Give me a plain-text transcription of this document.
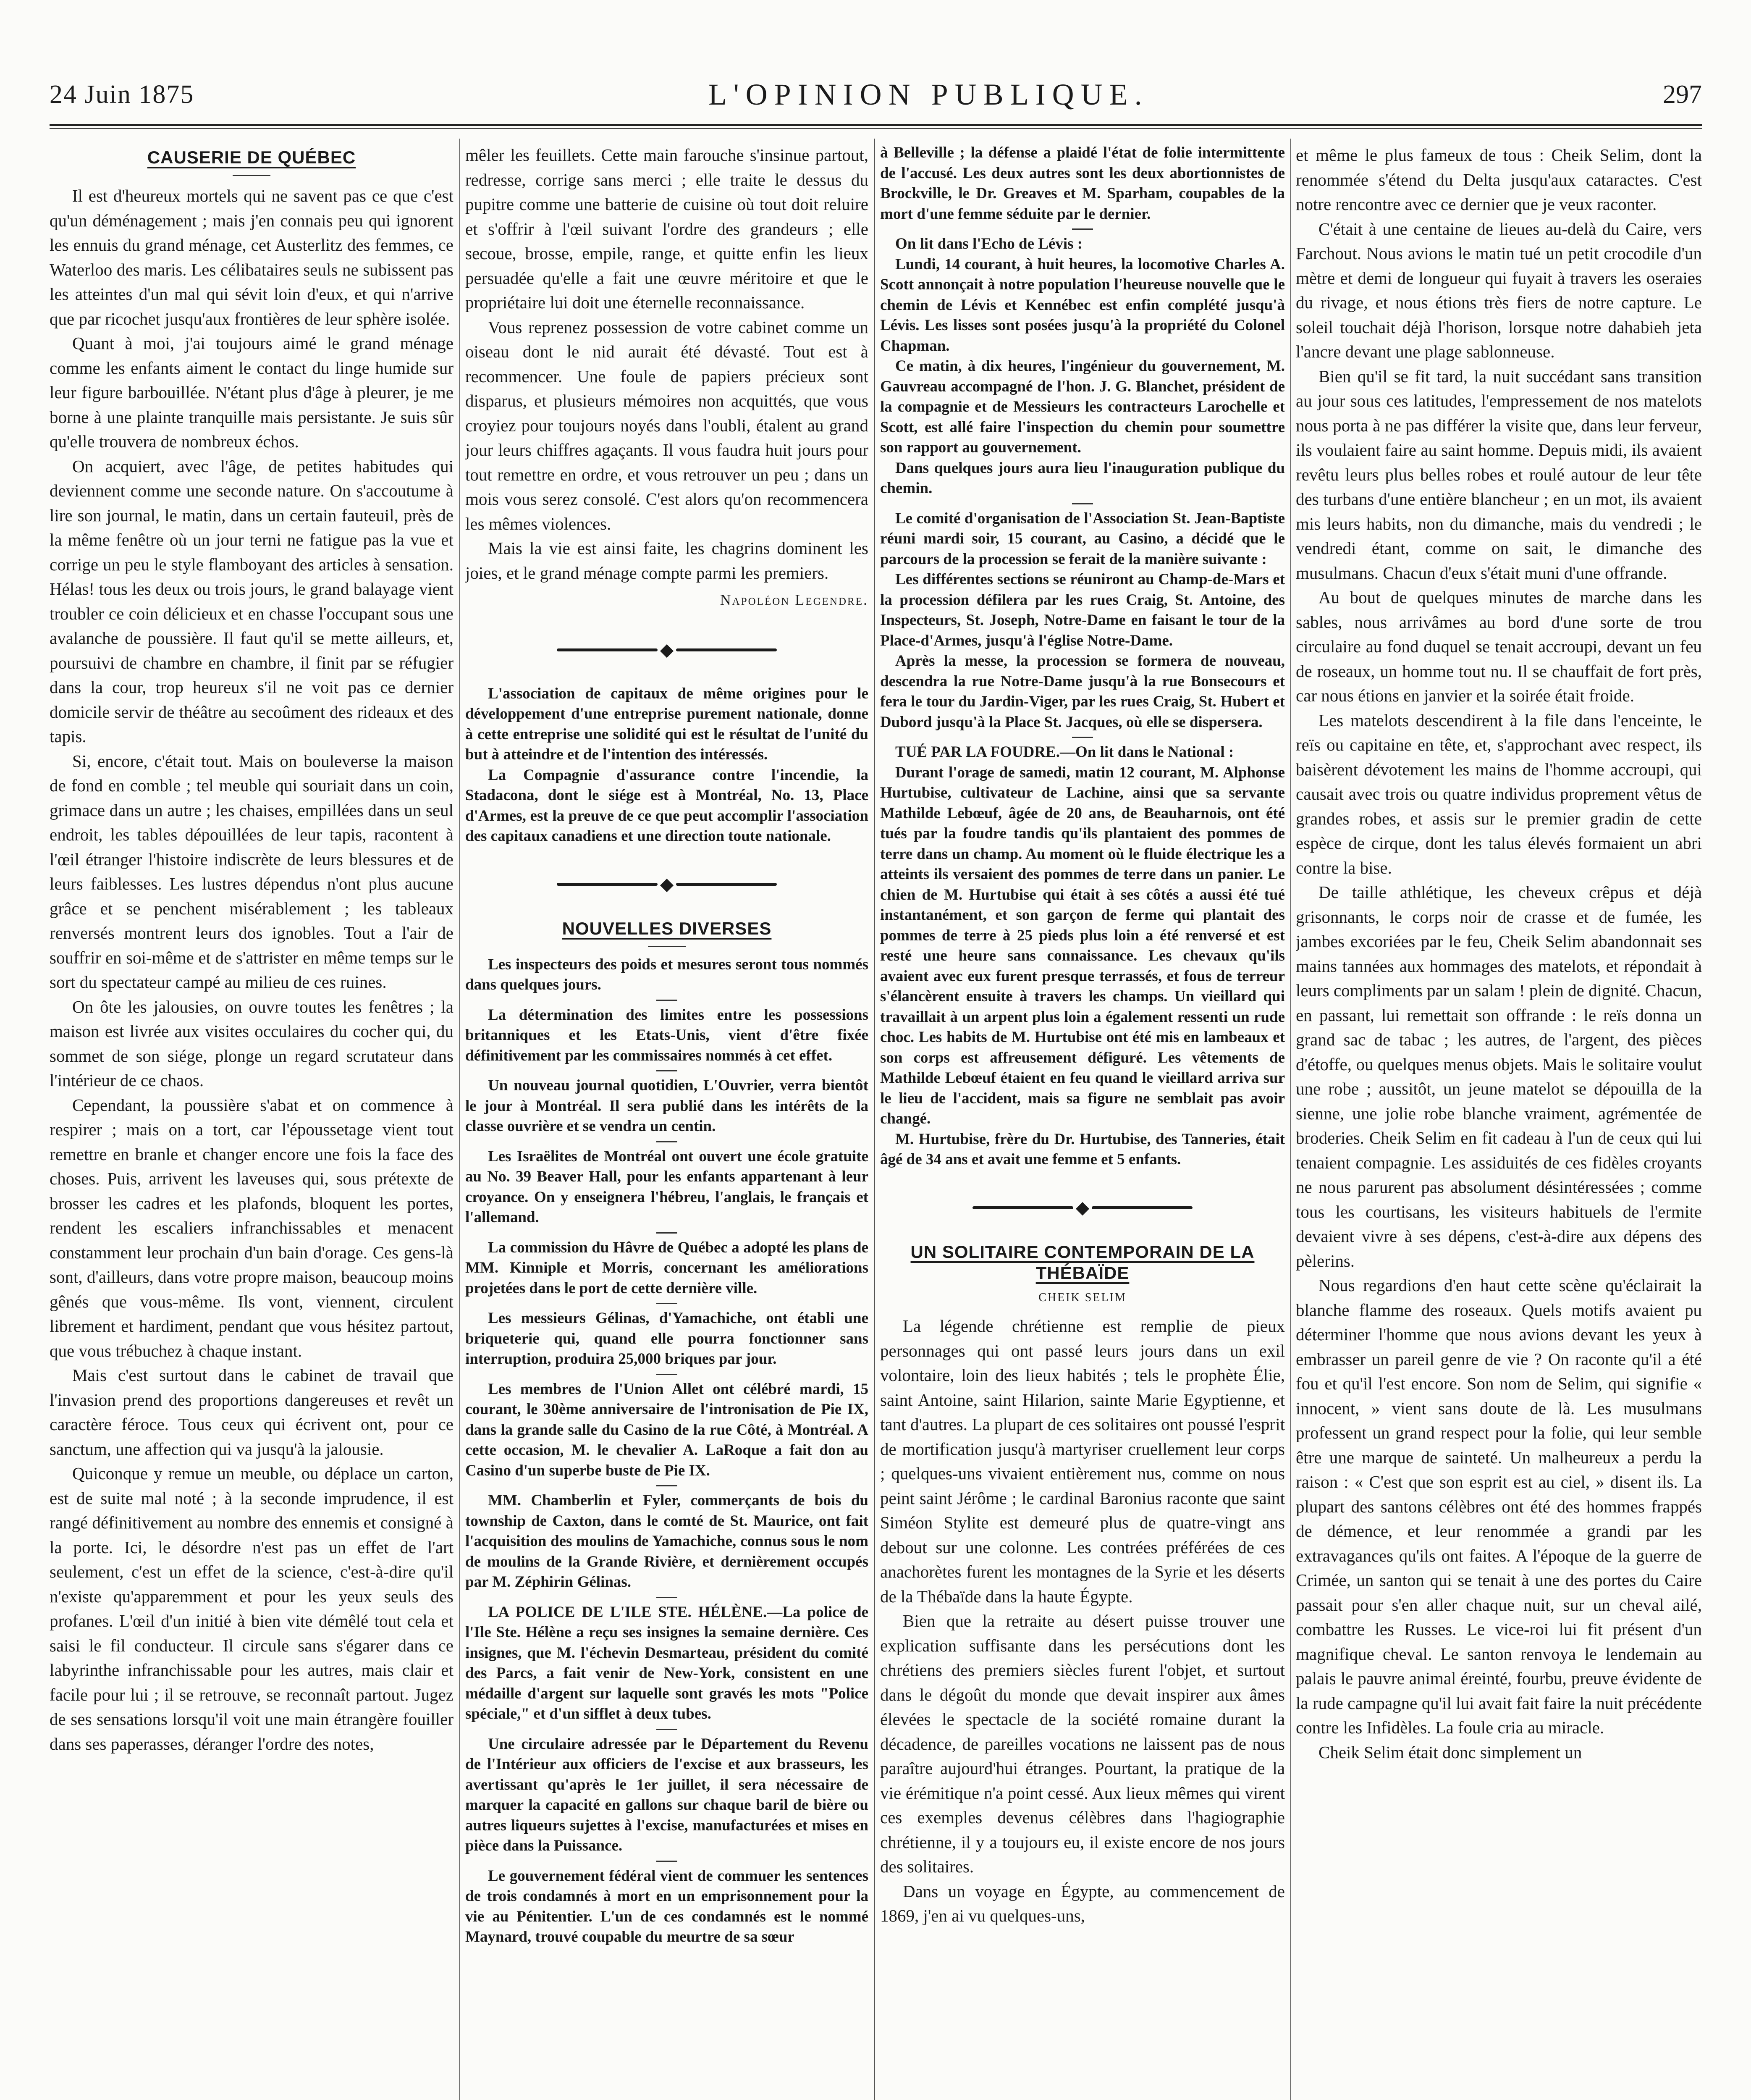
24 Juin 1875	L'OPINION PUBLIQUE.	297
CAUSERIE DE QUÉBEC

Il est d'heureux mortels qui ne savent pas ce que c'est qu'un déménagement ; mais j'en connais peu qui ignorent les ennuis du grand ménage, cet Austerlitz des femmes, ce Waterloo des maris. Les célibataires seuls ne subissent pas les atteintes d'un mal qui sévit loin d'eux, et qui n'arrive que par ricochet jusqu'aux frontières de leur sphère isolée.

Quant à moi, j'ai toujours aimé le grand ménage comme les enfants aiment le contact du linge humide sur leur figure barbouillée. N'étant plus d'âge à pleurer, je me borne à une plainte tranquille mais persistante. Je suis sûr qu'elle trouvera de nombreux échos.

On acquiert, avec l'âge, de petites habitudes qui deviennent comme une seconde nature. On s'accoutume à lire son journal, le matin, dans un certain fauteuil, près de la même fenêtre où un jour terni ne fatigue pas la vue et corrige un peu le style flamboyant des articles à sensation. Hélas! tous les deux ou trois jours, le grand balayage vient troubler ce coin délicieux et en chasse l'occupant sous une avalanche de poussière. Il faut qu'il se mette ailleurs, et, poursuivi de chambre en chambre, il finit par se réfugier dans la cour, trop heureux s'il ne voit pas ce dernier domicile servir de théâtre au secoûment des rideaux et des tapis.

Si, encore, c'était tout. Mais on bouleverse la maison de fond en comble ; tel meuble qui souriait dans un coin, grimace dans un autre ; les chaises, empillées dans un seul endroit, les tables dépouillées de leur tapis, racontent à l'œil étranger l'histoire indiscrète de leurs blessures et de leurs faiblesses. Les lustres dépendus n'ont plus aucune grâce et se penchent misérablement ; les tableaux renversés montrent leurs dos ignobles. Tout a l'air de souffrir en soi-même et de s'attrister en même temps sur le sort du spectateur campé au milieu de ces ruines.

On ôte les jalousies, on ouvre toutes les fenêtres ; la maison est livrée aux visites occulaires du cocher qui, du sommet de son siége, plonge un regard scrutateur dans l'intérieur de ce chaos.

Cependant, la poussière s'abat et on commence à respirer ; mais on a tort, car l'époussetage vient tout remettre en branle et changer encore une fois la face des choses. Puis, arrivent les laveuses qui, sous prétexte de brosser les cadres et les plafonds, bloquent les portes, rendent les escaliers infranchissables et menacent constamment leur prochain d'un bain d'orage. Ces gens-là sont, d'ailleurs, dans votre propre maison, beaucoup moins gênés que vous-même. Ils vont, viennent, circulent librement et hardiment, pendant que vous hésitez partout, que vous trébuchez à chaque instant.

Mais c'est surtout dans le cabinet de travail que l'invasion prend des proportions dangereuses et revêt un caractère féroce. Tous ceux qui écrivent ont, pour ce sanctum, une affection qui va jusqu'à la jalousie.

Quiconque y remue un meuble, ou déplace un carton, est de suite mal noté ; à la seconde imprudence, il est rangé définitivement au nombre des ennemis et consigné à la porte. Ici, le désordre n'est pas un effet de l'art seulement, c'est un effet de la science, c'est-à-dire qu'il n'existe qu'apparemment et pour les yeux seuls des profanes. L'œil d'un initié à bien vite démêlé tout cela et saisi le fil conducteur. Il circule sans s'égarer dans ce labyrinthe infranchissable pour les autres, mais clair et facile pour lui ; il se retrouve, se reconnaît partout. Jugez de ses sensations lorsqu'il voit une main étrangère fouiller dans ses paperasses, déranger l'ordre des notes,

mêler les feuillets. Cette main farouche s'insinue partout, redresse, corrige sans merci ; elle traite le dessus du pupitre comme une batterie de cuisine où tout doit reluire et s'offrir à l'œil suivant l'ordre des grandeurs ; elle secoue, brosse, empile, range, et quitte enfin les lieux persuadée qu'elle a fait une œuvre méritoire et que le propriétaire lui doit une éternelle reconnaissance.

Vous reprenez possession de votre cabinet comme un oiseau dont le nid aurait été dévasté. Tout est à recommencer. Une foule de papiers précieux sont disparus, et plusieurs mémoires non acquittés, que vous croyiez pour toujours noyés dans l'oubli, étalent au grand jour leurs chiffres agaçants. Il vous faudra huit jours pour tout remettre en ordre, et vous retrouver un peu ; dans un mois vous serez consolé. C'est alors qu'on recommencera les mêmes violences.

Mais la vie est ainsi faite, les chagrins dominent les joies, et le grand ménage compte parmi les premiers.

Napoléon Legendre.
◆

L'association de capitaux de même origines pour le développement d'une entreprise purement nationale, donne à cette entreprise une solidité qui est le résultat de l'unité du but à atteindre et de l'intention des intéressés.

La Compagnie d'assurance contre l'incendie, la Stadacona, dont le siége est à Montréal, No. 13, Place d'Armes, est la preuve de ce que peut accomplir l'association des capitaux canadiens et une direction toute nationale.

◆
NOUVELLES DIVERSES

Les inspecteurs des poids et mesures seront tous nommés dans quelques jours.

La détermination des limites entre les possessions britanniques et les Etats-Unis, vient d'être fixée définitivement par les commissaires nommés à cet effet.

Un nouveau journal quotidien, L'Ouvrier, verra bientôt le jour à Montréal. Il sera publié dans les intérêts de la classe ouvrière et se vendra un centin.

Les Israëlites de Montréal ont ouvert une école gratuite au No. 39 Beaver Hall, pour les enfants appartenant à leur croyance. On y enseignera l'hébreu, l'anglais, le français et l'allemand.

La commission du Hâvre de Québec a adopté les plans de MM. Kinniple et Morris, concernant les améliorations projetées dans le port de cette dernière ville.

Les messieurs Gélinas, d'Yamachiche, ont établi une briqueterie qui, quand elle pourra fonctionner sans interruption, produira 25,000 briques par jour.

Les membres de l'Union Allet ont célébré mardi, 15 courant, le 30ème anniversaire de l'intronisation de Pie IX, dans la grande salle du Casino de la rue Côté, à Montréal. A cette occasion, M. le chevalier A. LaRoque a fait don au Casino d'un superbe buste de Pie IX.

MM. Chamberlin et Fyler, commerçants de bois du township de Caxton, dans le comté de St. Maurice, ont fait l'acquisition des moulins de Yamachiche, connus sous le nom de moulins de la Grande Rivière, et dernièrement occupés par M. Zéphirin Gélinas.

LA POLICE DE L'ILE STE. HÉLÈNE.—La police de l'Ile Ste. Hélène a reçu ses insignes la semaine dernière. Ces insignes, que M. l'échevin Desmarteau, président du comité des Parcs, a fait venir de New-York, consistent en une médaille d'argent sur laquelle sont gravés les mots "Police spéciale," et d'un sifflet à deux tubes.

Une circulaire adressée par le Département du Revenu de l'Intérieur aux officiers de l'excise et aux brasseurs, les avertissant qu'après le 1er juillet, il sera nécessaire de marquer la capacité en gallons sur chaque baril de bière ou autres liqueurs sujettes à l'excise, manufacturées et mises en pièce dans la Puissance.

Le gouvernement fédéral vient de commuer les sentences de trois condamnés à mort en un emprisonnement pour la vie au Pénitentier. L'un de ces condamnés est le nommé Maynard, trouvé coupable du meurtre de sa sœur

à Belleville ; la défense a plaidé l'état de folie intermittente de l'accusé. Les deux autres sont les deux abortionnistes de Brockville, le Dr. Greaves et M. Sparham, coupables de la mort d'une femme séduite par le dernier.

On lit dans l'Echo de Lévis :

Lundi, 14 courant, à huit heures, la locomotive Charles A. Scott annonçait à notre population l'heureuse nouvelle que le chemin de Lévis et Kennébec est enfin complété jusqu'à Lévis. Les lisses sont posées jusqu'à la propriété du Colonel Chapman.

Ce matin, à dix heures, l'ingénieur du gouvernement, M. Gauvreau accompagné de l'hon. J. G. Blanchet, président de la compagnie et de Messieurs les contracteurs Larochelle et Scott, est allé faire l'inspection du chemin pour soumettre son rapport au gouvernement.

Dans quelques jours aura lieu l'inauguration publique du chemin.

Le comité d'organisation de l'Association St. Jean-Baptiste réuni mardi soir, 15 courant, au Casino, a décidé que le parcours de la procession se ferait de la manière suivante :

Les différentes sections se réuniront au Champ-de-Mars et la procession défilera par les rues Craig, St. Antoine, des Inspecteurs, St. Joseph, Notre-Dame en faisant le tour de la Place-d'Armes, jusqu'à l'église Notre-Dame.

Après la messe, la procession se formera de nouveau, descendra la rue Notre-Dame jusqu'à la rue Bonsecours et fera le tour du Jardin-Viger, par les rues Craig, St. Hubert et Dubord jusqu'à la Place St. Jacques, où elle se dispersera.

TUÉ PAR LA FOUDRE.—On lit dans le National :

Durant l'orage de samedi, matin 12 courant, M. Alphonse Hurtubise, cultivateur de Lachine, ainsi que sa servante Mathilde Lebœuf, âgée de 20 ans, de Beauharnois, ont été tués par la foudre tandis qu'ils plantaient des pommes de terre dans un champ. Au moment où le fluide électrique les a atteints ils versaient des pommes de terre dans un panier. Le chien de M. Hurtubise qui était à ses côtés a aussi été tué instantanément, et son garçon de ferme qui plantait des pommes de terre à 25 pieds plus loin a été renversé et est resté une heure sans connaissance. Les chevaux qu'ils avaient avec eux furent presque terrassés, et fous de terreur s'élancèrent ensuite à travers les champs. Un vieillard qui travaillait à un arpent plus loin a également ressenti un rude choc. Les habits de M. Hurtubise ont été mis en lambeaux et son corps est affreusement défiguré. Les vêtements de Mathilde Lebœuf étaient en feu quand le vieillard arriva sur le lieu de l'accident, mais sa figure ne semblait pas avoir changé.

M. Hurtubise, frère du Dr. Hurtubise, des Tanneries, était âgé de 34 ans et avait une femme et 5 enfants.

◆
UN SOLITAIRE CONTEMPORAIN DE LA THÉBAÏDE
CHEIK SELIM

La légende chrétienne est remplie de pieux personnages qui ont passé leurs jours dans un exil volontaire, loin des lieux habités ; tels le prophète Élie, saint Antoine, saint Hilarion, sainte Marie Egyptienne, et tant d'autres. La plupart de ces solitaires ont poussé l'esprit de mortification jusqu'à martyriser cruellement leur corps ; quelques-uns vivaient entièrement nus, comme on nous peint saint Jérôme ; le cardinal Baronius raconte que saint Siméon Stylite est demeuré plus de quatre-vingt ans debout sur une colonne. Les contrées préférées de ces anachorètes furent les montagnes de la Syrie et les déserts de la Thébaïde dans la haute Égypte.

Bien que la retraite au désert puisse trouver une explication suffisante dans les persécutions dont les chrétiens des premiers siècles furent l'objet, et surtout dans le dégoût du monde que devait inspirer aux âmes élevées le spectacle de la société romaine durant la décadence, de pareilles vocations ne laissent pas de nous paraître aujourd'hui étranges. Pourtant, la pratique de la vie érémitique n'a point cessé. Aux lieux mêmes qui virent ces exemples devenus célèbres dans l'hagiographie chrétienne, il y a toujours eu, il existe encore de nos jours des solitaires.

Dans un voyage en Égypte, au commencement de 1869, j'en ai vu quelques-uns,

et même le plus fameux de tous : Cheik Selim, dont la renommée s'étend du Delta jusqu'aux cataractes. C'est notre rencontre avec ce dernier que je veux raconter.

C'était à une centaine de lieues au-delà du Caire, vers Farchout. Nous avions le matin tué un petit crocodile d'un mètre et demi de longueur qui fuyait à travers les oseraies du rivage, et nous étions très fiers de notre capture. Le soleil touchait déjà l'horison, lorsque notre dahabieh jeta l'ancre devant une plage sablonneuse.

Bien qu'il se fit tard, la nuit succédant sans transition au jour sous ces latitudes, l'empressement de nos matelots nous porta à ne pas différer la visite que, dans leur ferveur, ils voulaient faire au saint homme. Depuis midi, ils avaient revêtu leurs plus belles robes et roulé autour de leur tête des turbans d'une entière blancheur ; en un mot, ils avaient mis leurs habits, non du dimanche, mais du vendredi ; le vendredi étant, comme on sait, le dimanche des musulmans. Chacun d'eux s'était muni d'une offrande.

Au bout de quelques minutes de marche dans les sables, nous arrivâmes au bord d'une sorte de trou circulaire au fond duquel se tenait accroupi, devant un feu de roseaux, un homme tout nu. Il se chauffait de fort près, car nous étions en janvier et la soirée était froide.

Les matelots descendirent à la file dans l'enceinte, le reïs ou capitaine en tête, et, s'approchant avec respect, ils baisèrent dévotement les mains de l'homme accroupi, qui causait avec trois ou quatre individus proprement vêtus de grandes robes, et assis sur le premier gradin de cette espèce de cirque, dont les talus élevés formaient un abri contre la bise.

De taille athlétique, les cheveux crêpus et déjà grisonnants, le corps noir de crasse et de fumée, les jambes excoriées par le feu, Cheik Selim abandonnait ses mains tannées aux hommages des matelots, et répondait à leurs compliments par un salam ! plein de dignité. Chacun, en passant, lui remettait son offrande : le reïs donna un grand sac de tabac ; les autres, de l'argent, des pièces d'étoffe, ou quelques menus objets. Mais le solitaire voulut une robe ; aussitôt, un jeune matelot se dépouilla de la sienne, une jolie robe blanche vraiment, agrémentée de broderies. Cheik Selim en fit cadeau à l'un de ceux qui lui tenaient compagnie. Les assiduités de ces fidèles croyants ne nous parurent pas absolument désintéressées ; comme tous les courtisans, les visiteurs habituels de l'ermite devaient vivre à ses dépens, c'est-à-dire aux dépens des pèlerins.

Nous regardions d'en haut cette scène qu'éclairait la blanche flamme des roseaux. Quels motifs avaient pu déterminer l'homme que nous avions devant les yeux à embrasser un pareil genre de vie ? On raconte qu'il a été fou et qu'il l'est encore. Son nom de Selim, qui signifie « innocent, » vient sans doute de là. Les musulmans professent un grand respect pour la folie, qui leur semble être une marque de sainteté. Un malheureux a perdu la raison : « C'est que son esprit est au ciel, » disent ils. La plupart des santons célèbres ont été des hommes frappés de démence, et leur renommée a grandi par les extravagances qu'ils ont faites. A l'époque de la guerre de Crimée, un santon qui se tenait à une des portes du Caire passait pour s'en aller chaque nuit, sur un cheval ailé, combattre les Russes. Le vice-roi lui fit présent d'un magnifique cheval. Le santon renvoya le lendemain au palais le pauvre animal éreinté, fourbu, preuve évidente de la rude campagne qu'il lui avait fait faire la nuit précédente contre les Infidèles. La foule cria au miracle.

Cheik Selim était donc simplement un
